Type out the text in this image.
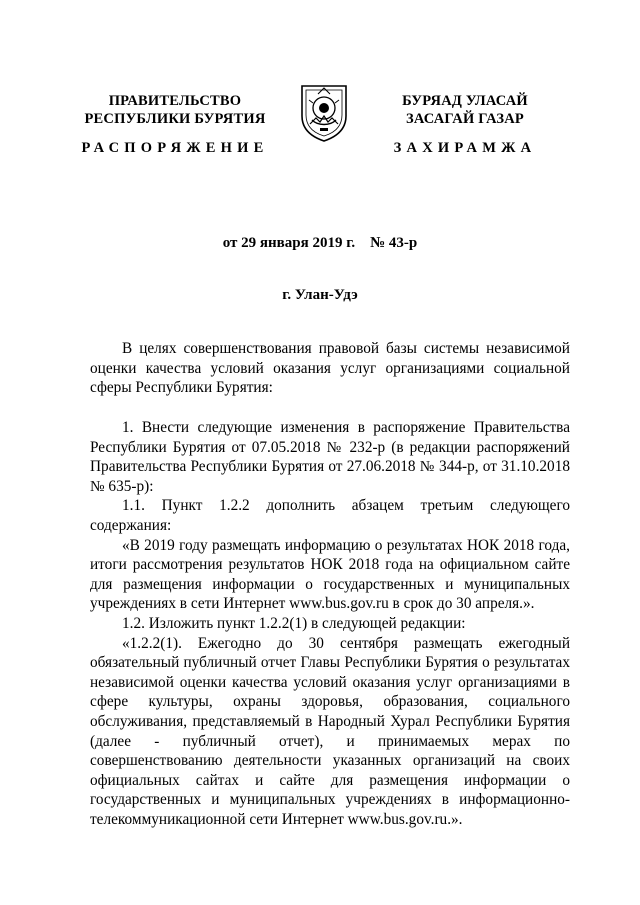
ПРАВИТЕЛЬСТВО
РЕСПУБЛИКИ БУРЯТИЯ
РАСПОРЯЖЕНИЕ
БУРЯАД УЛАСАЙ
ЗАСАГАЙ ГАЗАР
ЗАХИРАМЖА
от 29 января 2019 г.    № 43-р
г. Улан-Удэ

В целях совершенствования правовой базы системы независимой оценки качества условий оказания услуг организациями социальной сферы Республики Бурятия:

1. Внести следующие изменения в распоряжение Правительства Республики Бурятия от 07.05.2018 № 232-р (в редакции распоряжений Правительства Республики Бурятия от 27.06.2018 № 344-р, от 31.10.2018 № 635-р):

1.1. Пункт 1.2.2 дополнить абзацем третьим следующего содержания:

«В 2019 году размещать информацию о результатах НОК 2018 года, итоги рассмотрения результатов НОК 2018 года на официальном сайте для размещения информации о государственных и муниципальных учреждениях в сети Интернет www.bus.gov.ru в срок до 30 апреля.».

1.2. Изложить пункт 1.2.2(1) в следующей редакции:

«1.2.2(1). Ежегодно до 30 сентября размещать ежегодный обязательный публичный отчет Главы Республики Бурятия о результатах независимой оценки качества условий оказания услуг организациями в сфере культуры, охраны здоровья, образования, социального обслуживания, представляемый в Народный Хурал Республики Бурятия (далее - публичный отчет), и принимаемых мерах по совершенствованию деятельности указанных организаций на своих официальных сайтах и сайте для размещения информации о государственных и муниципальных учреждениях в информационно-телекоммуникационной сети Интернет www.bus.gov.ru.».
